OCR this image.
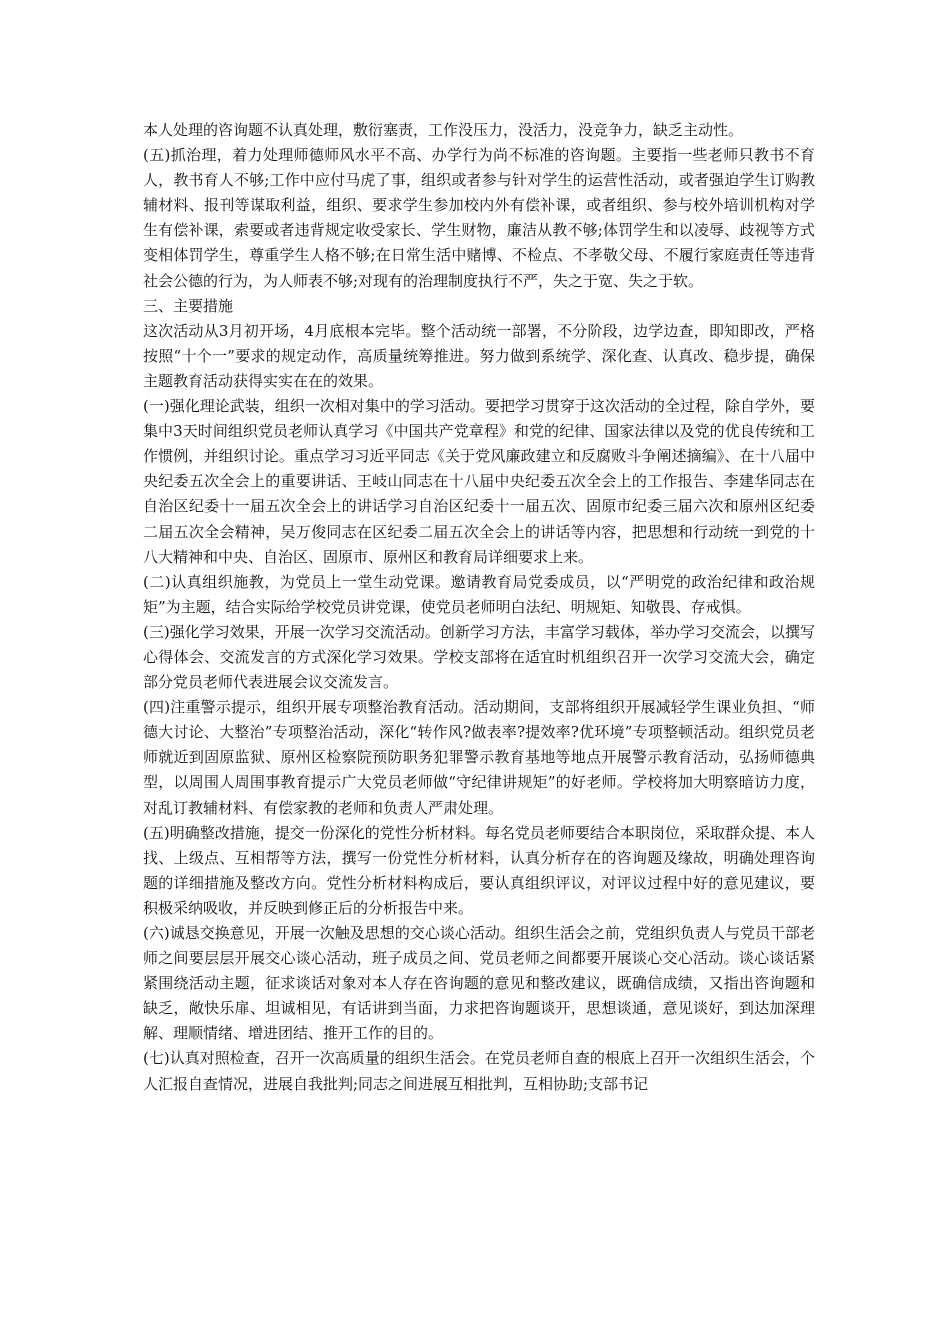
本人处理的咨询题不认真处理，敷衍塞责，工作没压力，没活力，没竞争力，缺乏主动性。

(五)抓治理，着力处理师德师风水平不高、办学行为尚不标准的咨询题。主要指一些老师只教书不育人，教书育人不够;工作中应付马虎了事，组织或者参与针对学生的运营性活动，或者强迫学生订购教辅材料、报刊等谋取利益，组织、要求学生参加校内外有偿补课，或者组织、参与校外培训机构对学生有偿补课，索要或者违背规定收受家长、学生财物，廉洁从教不够;体罚学生和以凌辱、歧视等方式变相体罚学生，尊重学生人格不够;在日常生活中赌博、不检点、不孝敬父母、不履行家庭责任等违背社会公德的行为，为人师表不够;对现有的治理制度执行不严，失之于宽、失之于软。

三、主要措施

这次活动从3月初开场，4月底根本完毕。整个活动统一部署，不分阶段，边学边查，即知即改，严格按照“十个一”要求的规定动作，高质量统筹推进。努力做到系统学、深化查、认真改、稳步提，确保主题教育活动获得实实在在的效果。

(一)强化理论武装，组织一次相对集中的学习活动。要把学习贯穿于这次活动的全过程，除自学外，要集中3天时间组织党员老师认真学习《中国共产党章程》和党的纪律、国家法律以及党的优良传统和工作惯例，并组织讨论。重点学习习近平同志《关于党风廉政建立和反腐败斗争阐述摘编》、在十八届中央纪委五次全会上的重要讲话、王岐山同志在十八届中央纪委五次全会上的工作报告、李建华同志在自治区纪委十一届五次全会上的讲话学习自治区纪委十一届五次、固原市纪委三届六次和原州区纪委二届五次全会精神，吴万俊同志在区纪委二届五次全会上的讲话等内容，把思想和行动统一到党的十八大精神和中央、自治区、固原市、原州区和教育局详细要求上来。

(二)认真组织施教，为党员上一堂生动党课。邀请教育局党委成员，以“严明党的政治纪律和政治规矩”为主题，结合实际给学校党员讲党课，使党员老师明白法纪、明规矩、知敬畏、存戒惧。

(三)强化学习效果，开展一次学习交流活动。创新学习方法，丰富学习载体，举办学习交流会，以撰写心得体会、交流发言的方式深化学习效果。学校支部将在适宜时机组织召开一次学习交流大会，确定部分党员老师代表进展会议交流发言。

(四)注重警示提示，组织开展专项整治教育活动。活动期间，支部将组织开展减轻学生课业负担、“师德大讨论、大整治”专项整治活动，深化“转作风?做表率?提效率?优环境”专项整顿活动。组织党员老师就近到固原监狱、原州区检察院预防职务犯罪警示教育基地等地点开展警示教育活动，弘扬师德典型，以周围人周围事教育提示广大党员老师做“守纪律讲规矩”的好老师。学校将加大明察暗访力度，对乱订教辅材料、有偿家教的老师和负责人严肃处理。

(五)明确整改措施，提交一份深化的党性分析材料。每名党员老师要结合本职岗位，采取群众提、本人找、上级点、互相帮等方法，撰写一份党性分析材料，认真分析存在的咨询题及缘故，明确处理咨询题的详细措施及整改方向。党性分析材料构成后，要认真组织评议，对评议过程中好的意见建议，要积极采纳吸收，并反映到修正后的分析报告中来。

(六)诚恳交换意见，开展一次触及思想的交心谈心活动。组织生活会之前，党组织负责人与党员干部老师之间要层层开展交心谈心活动，班子成员之间、党员老师之间都要开展谈心交心活动。谈心谈话紧紧围绕活动主题，征求谈话对象对本人存在咨询题的意见和整改建议，既确信成绩，又指出咨询题和缺乏，敞快乐扉、坦诚相见，有话讲到当面，力求把咨询题谈开，思想谈通，意见谈好，到达加深理解、理顺情绪、增进团结、推开工作的目的。

(七)认真对照检查，召开一次高质量的组织生活会。在党员老师自查的根底上召开一次组织生活会，个人汇报自查情况，进展自我批判;同志之间进展互相批判，互相协助;支部书记
